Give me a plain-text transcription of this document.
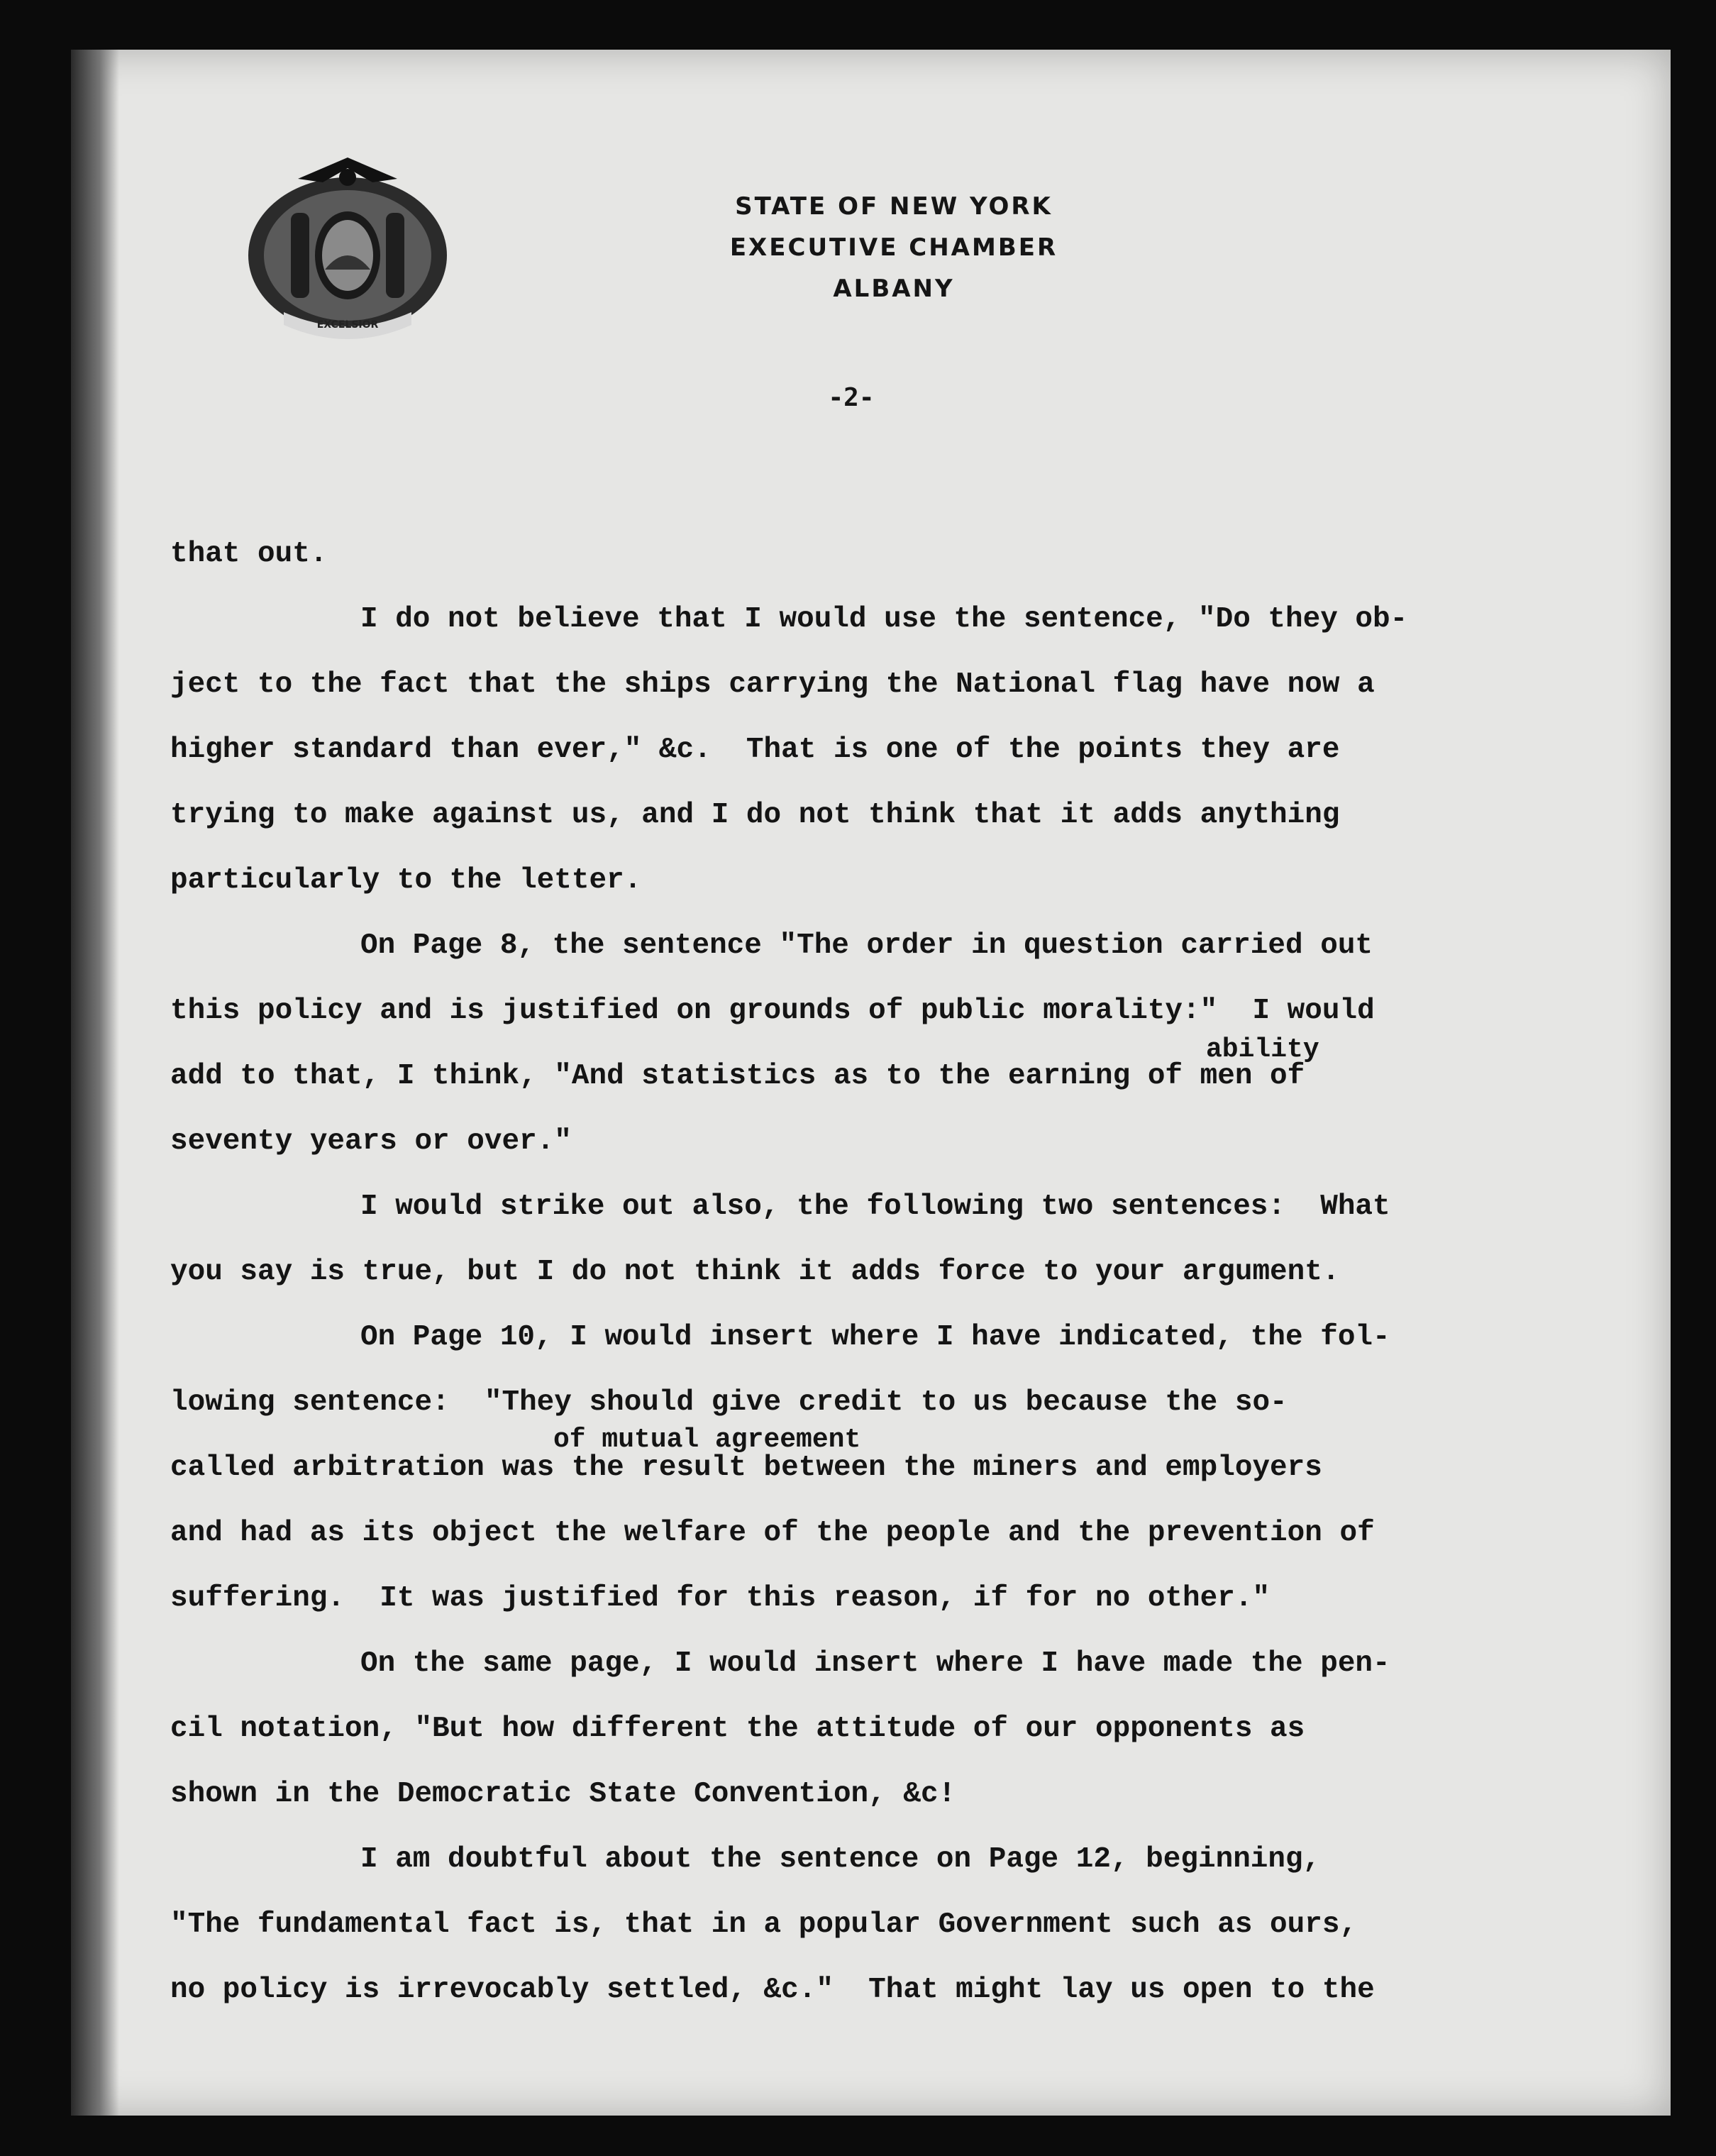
EXCELSIOR
STATE OF NEW YORK
EXECUTIVE CHAMBER
ALBANY
-2-
that out.
I do not believe that I would use the sentence, "Do they ob-
ject to the fact that the ships carrying the National flag have now a
higher standard than ever," &c.  That is one of the points they are
trying to make against us, and I do not think that it adds anything
particularly to the letter.
On Page 8, the sentence "The order in question carried out
this policy and is justified on grounds of public morality:"  I would
add to that, I think, "And statistics as to the earning of men of
seventy years or over."
I would strike out also, the following two sentences:  What
you say is true, but I do not think it adds force to your argument.
On Page 10, I would insert where I have indicated, the fol-
lowing sentence:  "They should give credit to us because the so-
called arbitration was the result between the miners and employers
and had as its object the welfare of the people and the prevention of
suffering.  It was justified for this reason, if for no other."
On the same page, I would insert where I have made the pen-
cil notation, "But how different the attitude of our opponents as
shown in the Democratic State Convention, &c!
I am doubtful about the sentence on Page 12, beginning,
"The fundamental fact is, that in a popular Government such as ours,
no policy is irrevocably settled, &c."  That might lay us open to the
ability
of mutual agreement
